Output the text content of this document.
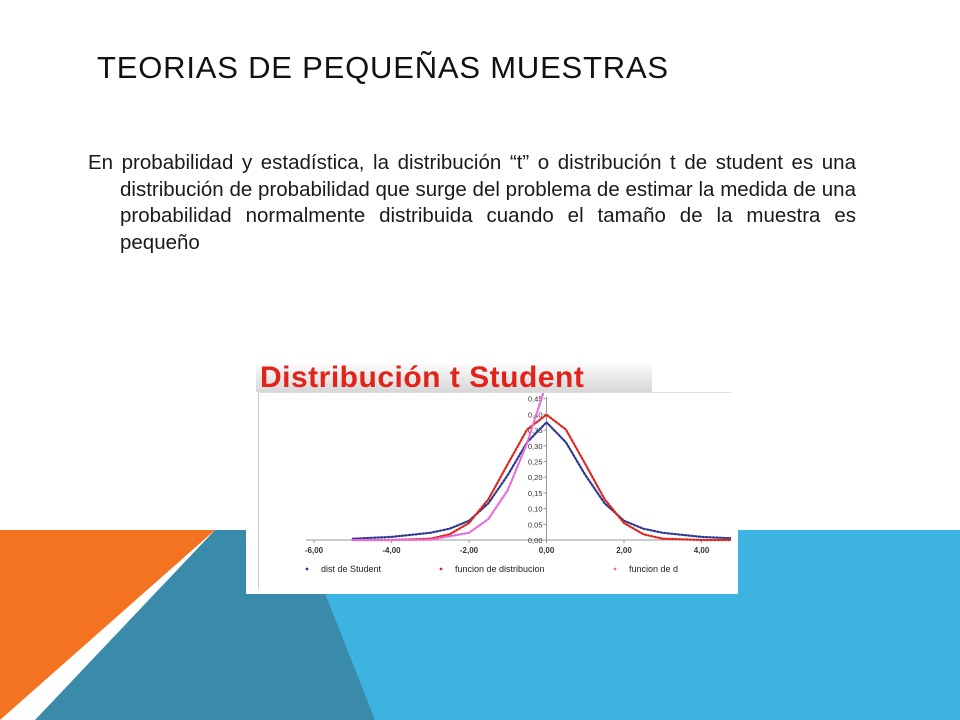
TEORIAS DE PEQUEÑAS MUESTRAS

En probabilidad y estadística, la distribución “t” o distribución t de student es una distribución de probabilidad que surge del problema de estimar la medida de una probabilidad normalmente distribuida cuando el tamaño de la muestra es pequeño

Distribución t Student
0,00
0,05
0,10
0,15
0,20
0,25
0,30
0,35
0,40
0,45
-6,00	-4,00	-2,00	0,00	2,00	4,00
dist de Student	funcion de distribucion	funcion de d
